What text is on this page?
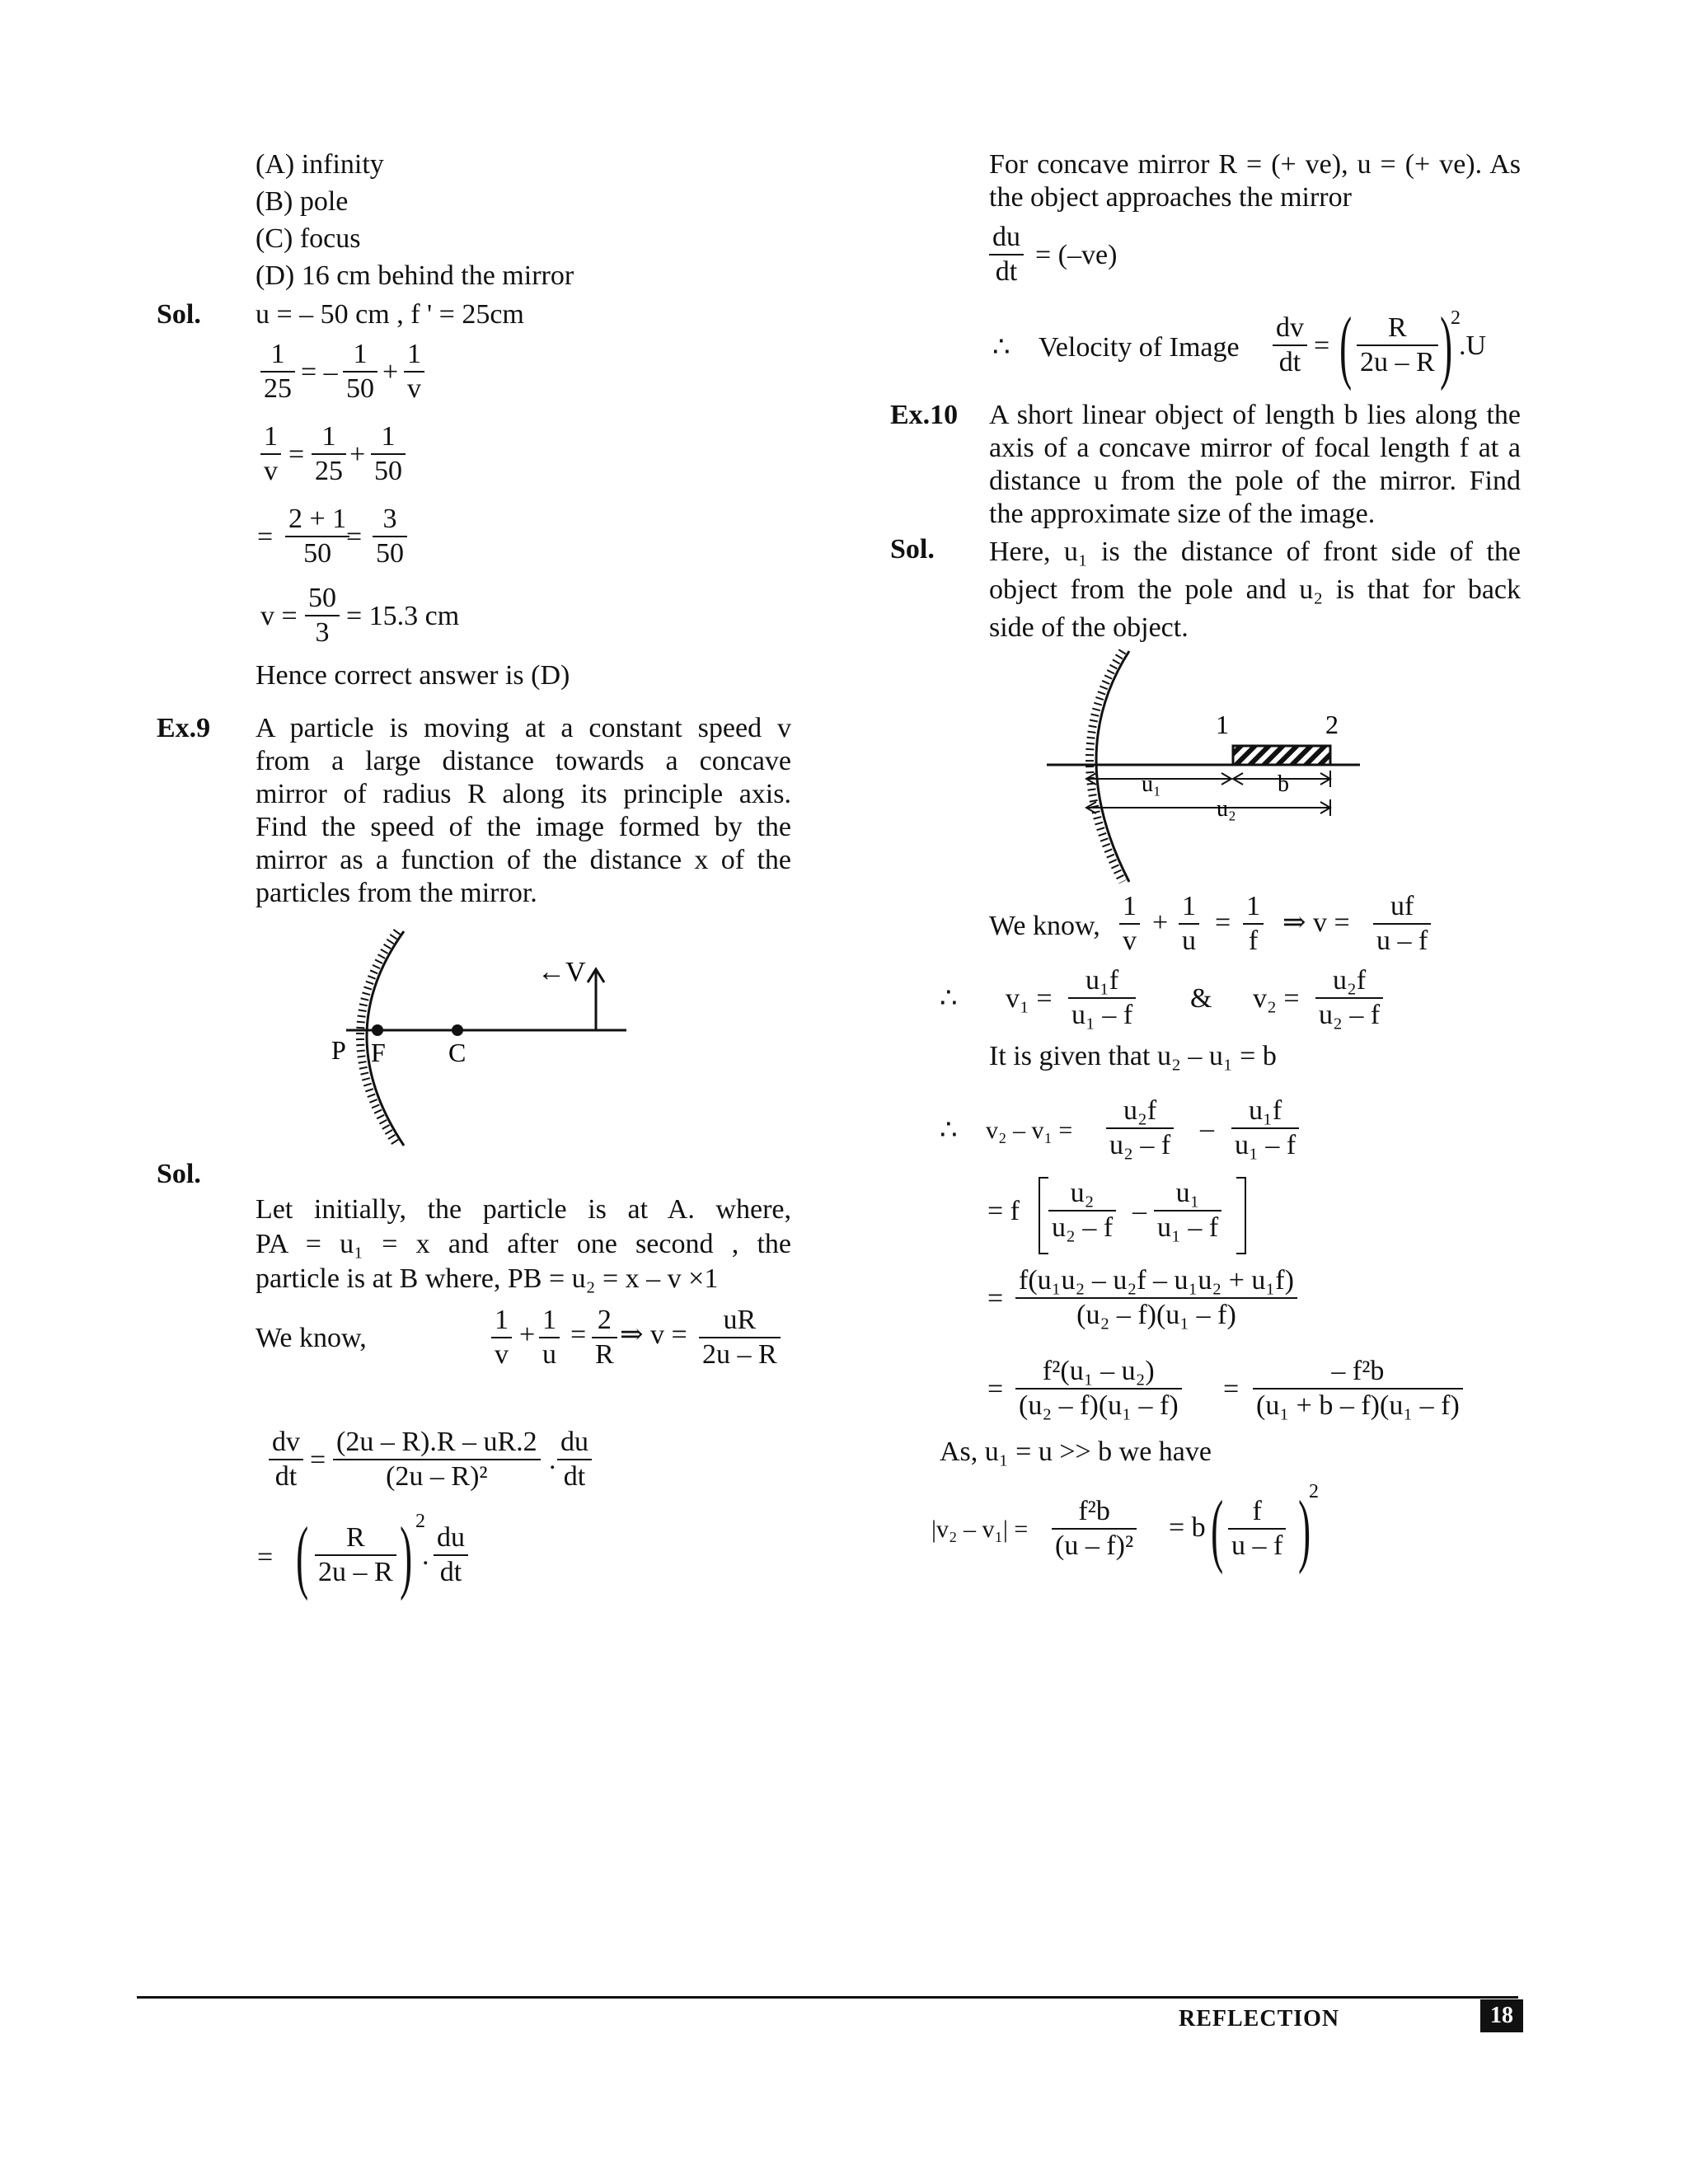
(A) infinity
(B) pole
(C) focus
(D) 16 cm behind the mirror
Sol. u = – 50 cm , f ' = 25cm
1
25
= –
1
50
+
1
v
1
v
=
1
25
+
1
50
=
2 + 1
50
=
3
50
v =
50
3
= 15.3 cm
Hence correct answer is (D)
Ex.9 A particle is moving at a constant speed v
from a large distance towards a concave
mirror of radius R along its principle axis.
Find the speed of the image formed by the
mirror as a function of the distance x of the
particles from the mirror.
←V
P F C
Sol.
Let initially, the particle is at A. where,
PA = u₁ = x and after one second , the
particle is at B where, PB = u₂ = x – v ×1
We know,
1
v
+ 1
u
= 2
R
⇒ v = uR
2u – R
dv
dt
=
(2u – R).R – uR.2
(2u – R)²
.
du
dt
= ( R
2u – R ) 2
.
du
dt
For concave mirror R = (+ ve), u = (+ ve). As
the object approaches the mirror
du
dt
= (–ve)
∴ Velocity of Image
dv
dt
= ( R
2u – R )
2
.U
Ex.10 A short linear object of length b lies along the
axis of a concave mirror of focal length f at a
distance u from the pole of the mirror. Find
the approximate size of the image.
Sol. Here, u₁ is the distance of front side of the
object from the pole and u₂ is that for back
side of the object.
1	2
u₁	b
u₂
We know,
1
v
+
1
u
=
1
f
⇒ v =
uf
u – f
∴ v₁ =
u₁f
u₁ – f
& v₂ =
u₂f
u₂ – f
It is given that u₂ – u₁ = b
∴ v₂ – v₁ =
u₂f
u₂ – f
–
u₁f
u₁ – f
= f
u₂
u₂ – f
–
u₁
u₁ – f
=
f(u₁u₂ – u₂f – u₁u₂ + u₁f)
(u₂ – f)(u₁ – f)
=
f²(u₁ – u₂)
(u₂ – f)(u₁ – f)
=
– f²b
(u₁ + b – f)(u₁ – f)
As, u₁ = u >> b we have
|v₂ – v₁| =
f²b
(u – f)²
= b ( f
u – f )
2
REFLECTION	18
